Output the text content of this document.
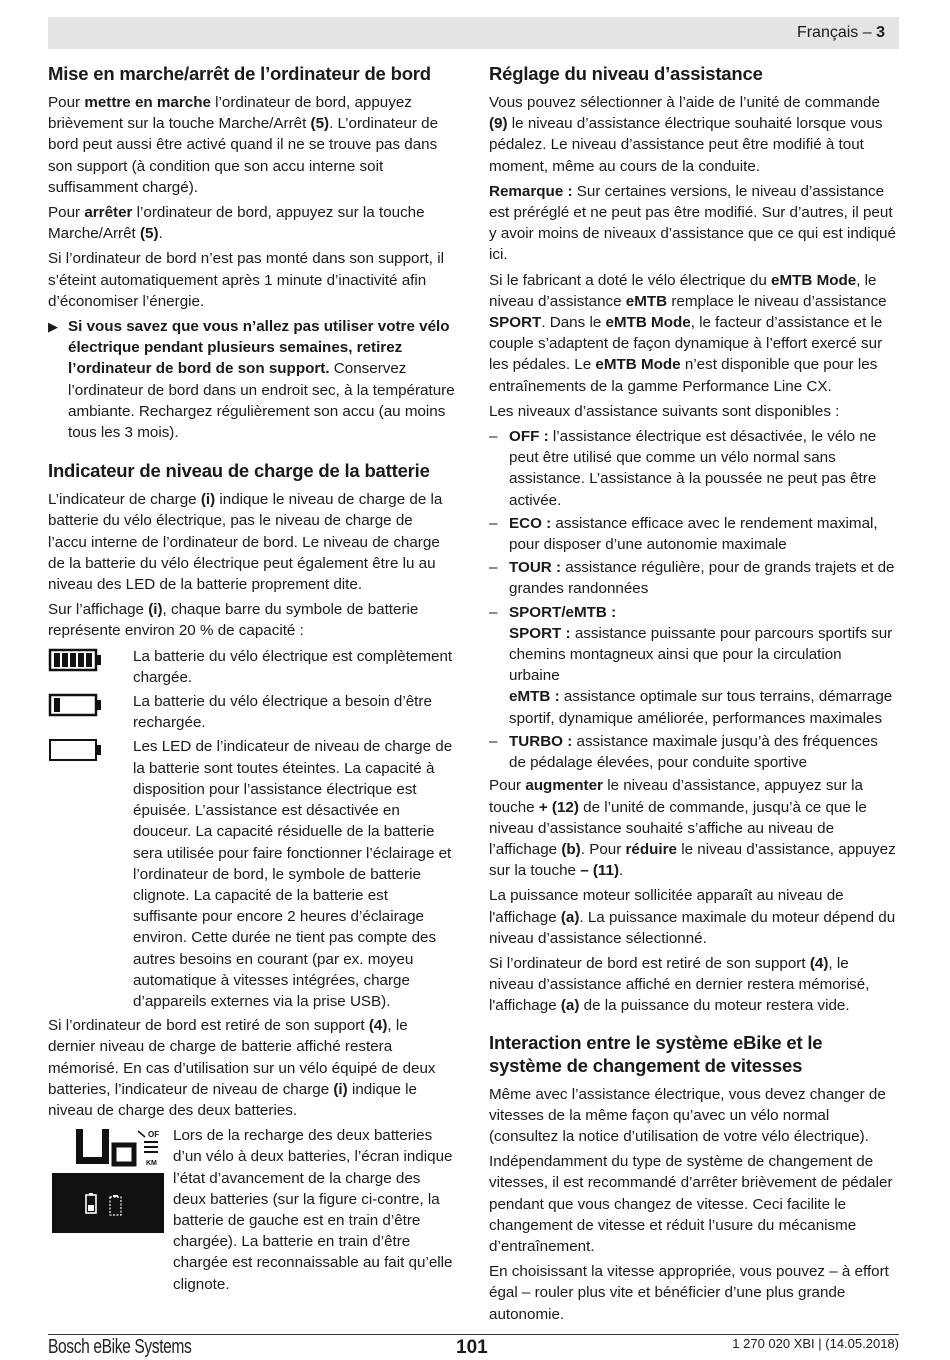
Français – 3
Mise en marche/arrêt de l’ordinateur de bord

Pour mettre en marche l’ordinateur de bord, appuyez brièvement sur la touche Marche/Arrêt (5). L’ordinateur de bord peut aussi être activé quand il ne se trouve pas dans son support (à condition que son accu interne soit suffisamment chargé).

Pour arrêter l’ordinateur de bord, appuyez sur la touche Marche/Arrêt (5).

Si l’ordinateur de bord n’est pas monté dans son support, il s’éteint automatiquement après 1 minute d’inactivité afin d’économiser l’énergie.

▶ Si vous savez que vous n’allez pas utiliser votre vélo électrique pendant plusieurs semaines, retirez l’ordinateur de bord de son support. Conservez l’ordinateur de bord dans un endroit sec, à la température ambiante. Rechargez régulièrement son accu (au moins tous les 3 mois).
Indicateur de niveau de charge de la batterie

L’indicateur de charge (i) indique le niveau de charge de la batterie du vélo électrique, pas le niveau de charge de l’accu interne de l’ordinateur de bord. Le niveau de charge de la batterie du vélo électrique peut également être lu au niveau des LED de la batterie proprement dite.

Sur l’affichage (i), chaque barre du symbole de batterie représente environ 20 % de capacité :

La batterie du vélo électrique est complètement chargée.
La batterie du vélo électrique a besoin d’être rechargée.
Les LED de l’indicateur de niveau de charge de la batterie sont toutes éteintes. La capacité à disposition pour l’assistance électrique est épuisée. L’assistance est désactivée en douceur. La capacité résiduelle de la batterie sera utilisée pour faire fonctionner l’éclairage et l’ordinateur de bord, le symbole de batterie clignote. La capacité de la batterie est suffisante pour encore 2 heures d’éclairage environ. Cette durée ne tient pas compte des autres besoins en courant (par ex. moyeu automatique à vitesses intégrées, charge d’appareils externes via la prise USB).

Si l’ordinateur de bord est retiré de son support (4), le dernier niveau de charge de batterie affiché restera mémorisé. En cas d’utilisation sur un vélo équipé de deux batteries, l’indicateur de niveau de charge (i) indique le niveau de charge des deux batteries.

OF
KM
Lors de la recharge des deux batteries d’un vélo à deux batteries, l’écran indique l’état d’avancement de la charge des deux batteries (sur la figure ci-contre, la batterie de gauche est en train d’être chargée). La batterie en train d’être chargée est reconnaissable au fait qu’elle clignote.
Réglage du niveau d’assistance

Vous pouvez sélectionner à l’aide de l’unité de commande (9) le niveau d’assistance électrique souhaité lorsque vous pédalez. Le niveau d’assistance peut être modifié à tout moment, même au cours de la conduite.

Remarque : Sur certaines versions, le niveau d’assistance est préréglé et ne peut pas être modifié. Sur d’autres, il peut y avoir moins de niveaux d’assistance que ce qui est indiqué ici.

Si le fabricant a doté le vélo électrique du eMTB Mode, le niveau d’assistance eMTB remplace le niveau d’assistance SPORT. Dans le eMTB Mode, le facteur d’assistance et le couple s’adaptent de façon dynamique à l’effort exercé sur les pédales. Le eMTB Mode n’est disponible que pour les entraînements de la gamme Performance Line CX.

Les niveaux d’assistance suivants sont disponibles :

– OFF : l’assistance électrique est désactivée, le vélo ne peut être utilisé que comme un vélo normal sans assistance. L’assistance à la poussée ne peut pas être activée.
– ECO : assistance efficace avec le rendement maximal, pour disposer d’une autonomie maximale
– TOUR : assistance régulière, pour de grands trajets et de grandes randonnées
– SPORT/eMTB :
SPORT : assistance puissante pour parcours sportifs sur chemins montagneux ainsi que pour la circulation urbaine
eMTB : assistance optimale sur tous terrains, démarrage sportif, dynamique améliorée, performances maximales
– TURBO : assistance maximale jusqu’à des fréquences de pédalage élevées, pour conduite sportive

Pour augmenter le niveau d’assistance, appuyez sur la touche + (12) de l’unité de commande, jusqu’à ce que le niveau d’assistance souhaité s’affiche au niveau de l’affichage (b). Pour réduire le niveau d’assistance, appuyez sur la touche – (11).

La puissance moteur sollicitée apparaît au niveau de l'affichage (a). La puissance maximale du moteur dépend du niveau d’assistance sélectionné.

Si l’ordinateur de bord est retiré de son support (4), le niveau d’assistance affiché en dernier restera mémorisé, l'affichage (a) de la puissance du moteur restera vide.

Interaction entre le système eBike et le système de changement de vitesses

Même avec l’assistance électrique, vous devez changer de vitesses de la même façon qu’avec un vélo normal (consultez la notice d’utilisation de votre vélo électrique).

Indépendamment du type de système de changement de vitesses, il est recommandé d’arrêter brièvement de pédaler pendant que vous changez de vitesse. Ceci facilite le changement de vitesse et réduit l’usure du mécanisme d’entraînement.

En choisissant la vitesse appropriée, vous pouvez – à effort égal – rouler plus vite et bénéficier d’une plus grande autonomie.

Bosch eBike Systems	101	1 270 020 XBI | (14.05.2018)
